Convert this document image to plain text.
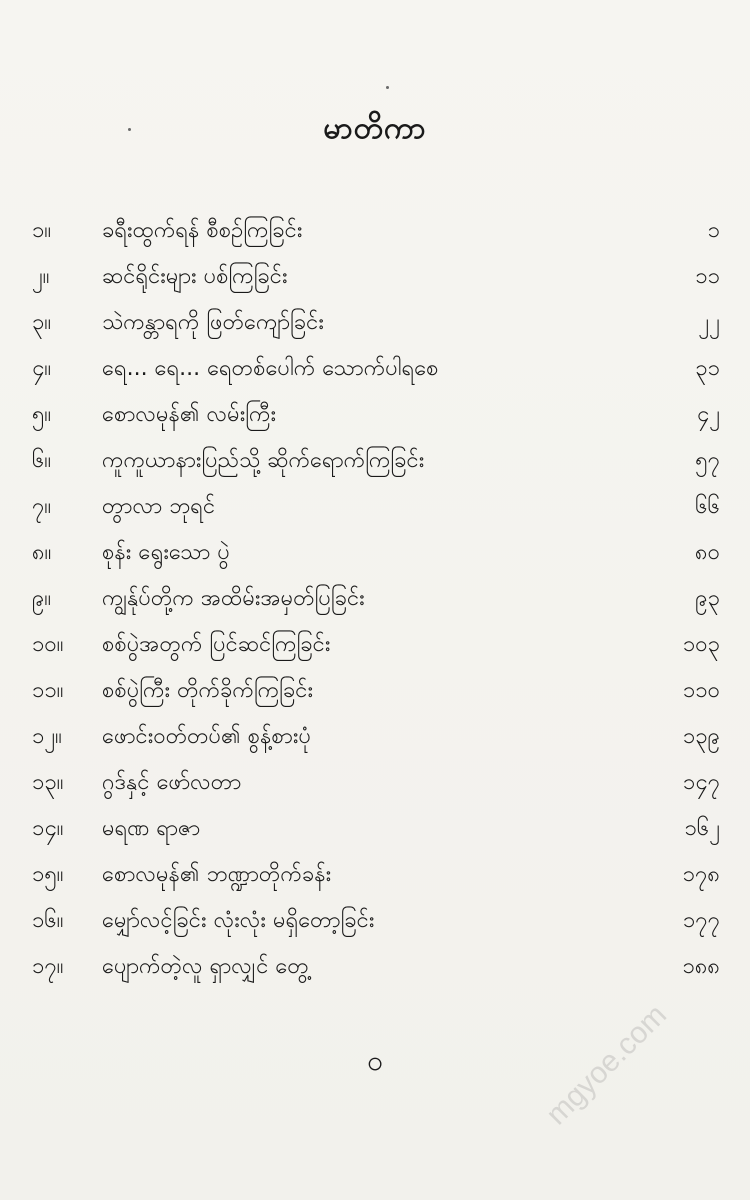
မာတိကာ
၁။	ခရီးထွက်ရန် စီစဉ်ကြခြင်း	၁
၂။	ဆင်ရိုင်းများ ပစ်ကြခြင်း	၁၁
၃။	သဲကန္တာရကို ဖြတ်ကျော်ခြင်း	၂၂
၄။	ရေ... ရေ... ရေတစ်ပေါက် သောက်ပါရစေ	၃၁
၅။	စောလမုန်၏ လမ်းကြီး	၄၂
၆။	ကူကူယာနားပြည်သို့ ဆိုက်ရောက်ကြခြင်း	၅၇
၇။	တွာလာ ဘုရင်	၆၆
၈။	စုန်း ရွေးသော ပွဲ	၈၀
၉။	ကျွန်ုပ်တို့က အထိမ်းအမှတ်ပြခြင်း	၉၃
၁၀။	စစ်ပွဲအတွက် ပြင်ဆင်ကြခြင်း	၁၀၃
၁၁။	စစ်ပွဲကြီး တိုက်ခိုက်ကြခြင်း	၁၁၀
၁၂။	ဖောင်းဝတ်တပ်၏ စွန့်စားပုံ	၁၃၉
၁၃။	ဂွဒ်နှင့် ဖော်လတာ	၁၄၇
၁၄။	မရဏ ရာဇာ	၁၆၂
၁၅။	စောလမုန်၏ ဘဏ္ဍာတိုက်ခန်း	၁၇၈
၁၆။	မျှော်လင့်ခြင်း လုံးလုံး မရှိတော့ခြင်း	၁၇၇
၁၇။	ပျောက်တဲ့လူ ရှာလျှင် တွေ့	၁၈၈
၀	mgyoe.com
